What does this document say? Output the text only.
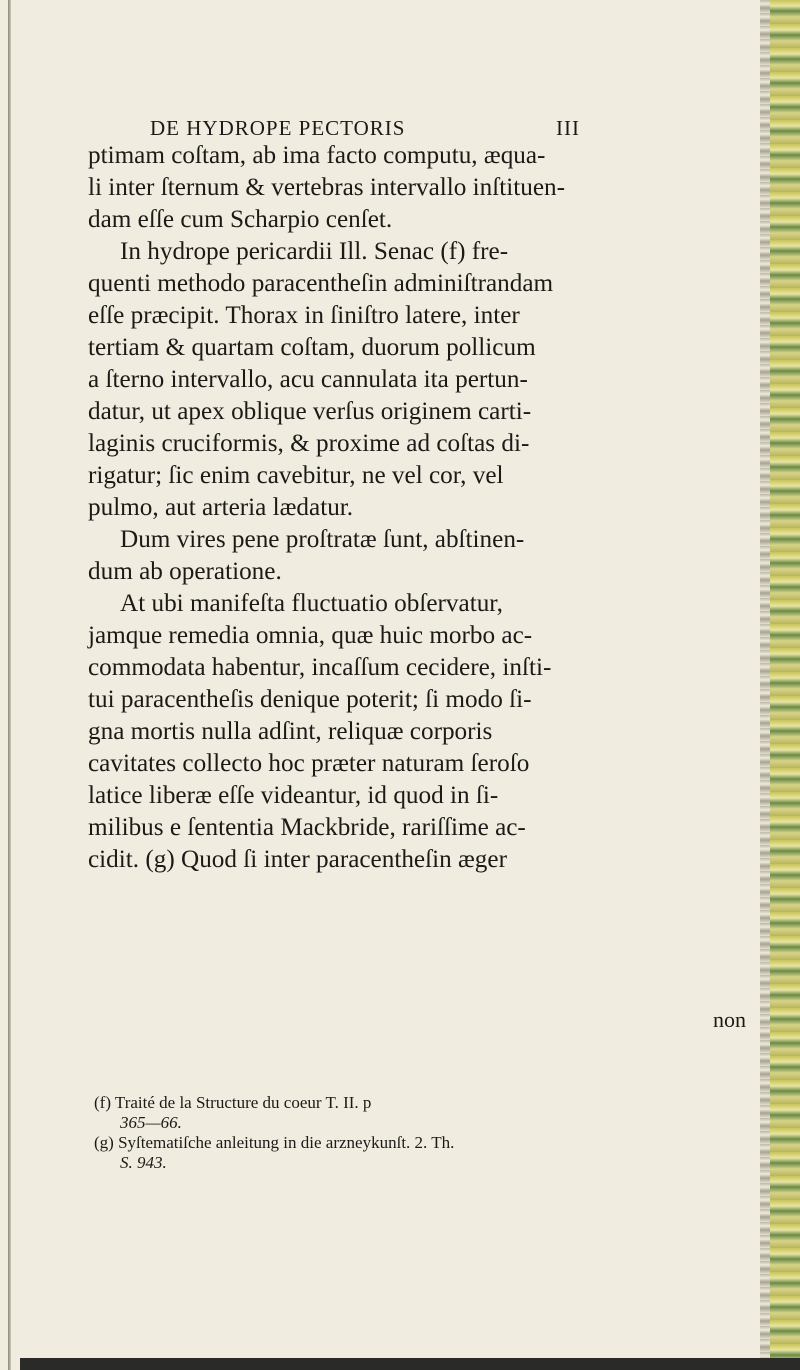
DE HYDROPE PECTORIS	III
ptimam coſtam, ab ima facto computu, æqua-
li inter ſternum & vertebras intervallo inſtituen-
dam eſſe cum Scharpio cenſet.
In hydrope pericardii Ill. Senac (f) fre-
quenti methodo paracentheſin adminiſtrandam
eſſe præcipit. Thorax in ſiniſtro latere, inter
tertiam & quartam coſtam, duorum pollicum
a ſterno intervallo, acu cannulata ita pertun-
datur, ut apex oblique verſus originem carti-
laginis cruciformis, & proxime ad coſtas di-
rigatur; ſic enim cavebitur, ne vel cor, vel
pulmo, aut arteria lædatur.
Dum vires pene proſtratæ ſunt, abſtinen-
dum ab operatione.
At ubi manifeſta fluctuatio obſervatur,
jamque remedia omnia, quæ huic morbo ac-
commodata habentur, incaſſum cecidere, inſti-
tui paracentheſis denique poterit; ſi modo ſi-
gna mortis nulla adſint, reliquæ corporis
cavitates collecto hoc præter naturam ſeroſo
latice liberæ eſſe videantur, id quod in ſi-
milibus e ſententia Mackbride, rariſſime ac-
cidit. (g) Quod ſi inter paracentheſin æger
non
(f) Traité de la Structure du coeur T. II. p
365—66.
(g) Syſtematiſche anleitung in die arzneykunſt. 2. Th.
S. 943.
